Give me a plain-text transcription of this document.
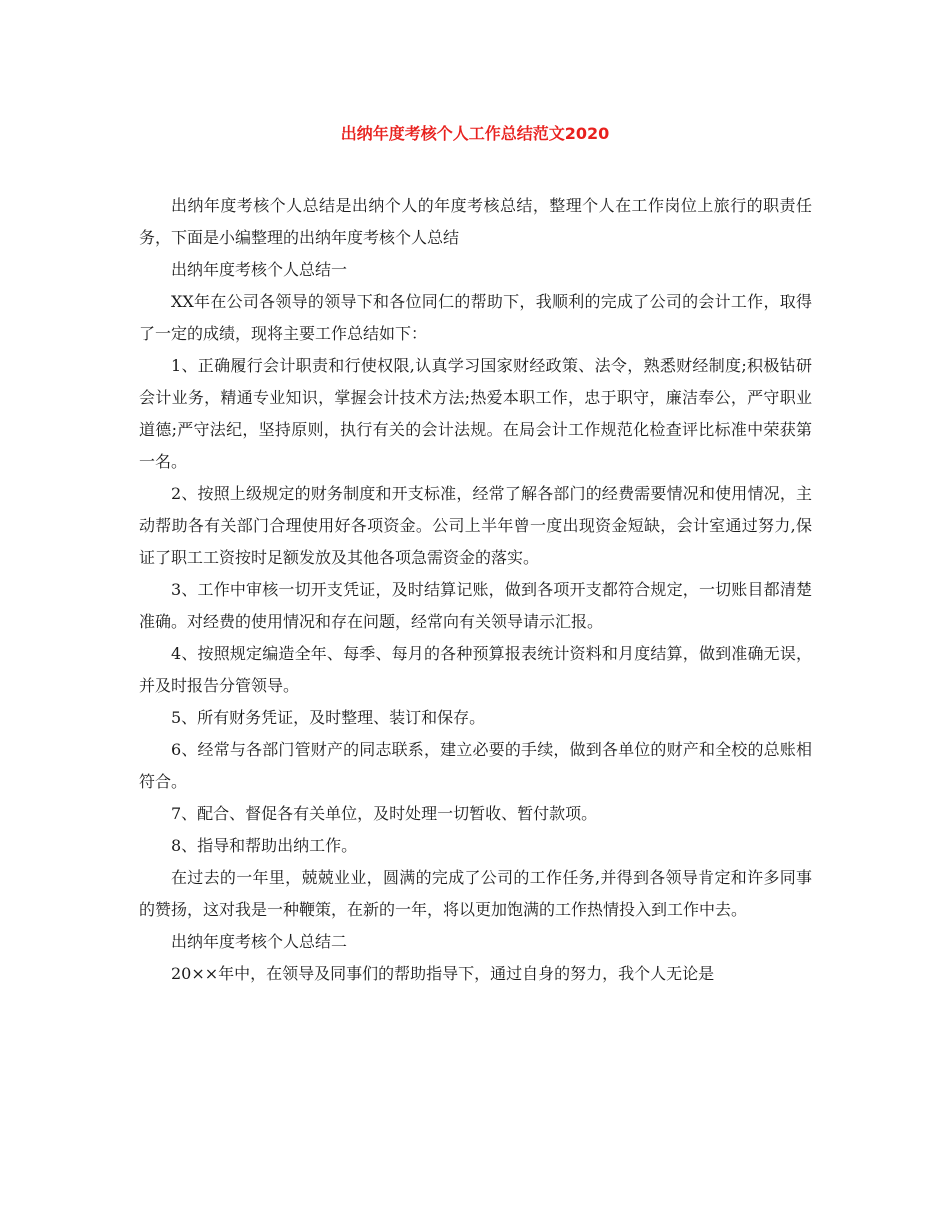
出纳年度考核个人工作总结范文2020

出纳年度考核个人总结是出纳个人的年度考核总结，整理个人在工作岗位上旅行的职责任务，下面是小编整理的出纳年度考核个人总结

出纳年度考核个人总结一

XX年在公司各领导的领导下和各位同仁的帮助下，我顺利的完成了公司的会计工作，取得了一定的成绩，现将主要工作总结如下：

1、正确履行会计职责和行使权限,认真学习国家财经政策、法令，熟悉财经制度;积极钻研会计业务，精通专业知识，掌握会计技术方法;热爱本职工作，忠于职守，廉洁奉公，严守职业道德;严守法纪，坚持原则，执行有关的会计法规。在局会计工作规范化检查评比标准中荣获第一名。

2、按照上级规定的财务制度和开支标准，经常了解各部门的经费需要情况和使用情况，主动帮助各有关部门合理使用好各项资金。公司上半年曾一度出现资金短缺，会计室通过努力,保证了职工工资按时足额发放及其他各项急需资金的落实。

3、工作中审核一切开支凭证，及时结算记账，做到各项开支都符合规定，一切账目都清楚准确。对经费的使用情况和存在问题，经常向有关领导请示汇报。

4、按照规定编造全年、每季、每月的各种预算报表统计资料和月度结算，做到准确无误，并及时报告分管领导。

5、所有财务凭证，及时整理、装订和保存。

6、经常与各部门管财产的同志联系，建立必要的手续，做到各单位的财产和全校的总账相符合。

7、配合、督促各有关单位，及时处理一切暂收、暂付款项。

8、指导和帮助出纳工作。

在过去的一年里，兢兢业业，圆满的完成了公司的工作任务,并得到各领导肯定和许多同事的赞扬，这对我是一种鞭策，在新的一年，将以更加饱满的工作热情投入到工作中去。

出纳年度考核个人总结二

20××年中，在领导及同事们的帮助指导下，通过自身的努力，我个人无论是
